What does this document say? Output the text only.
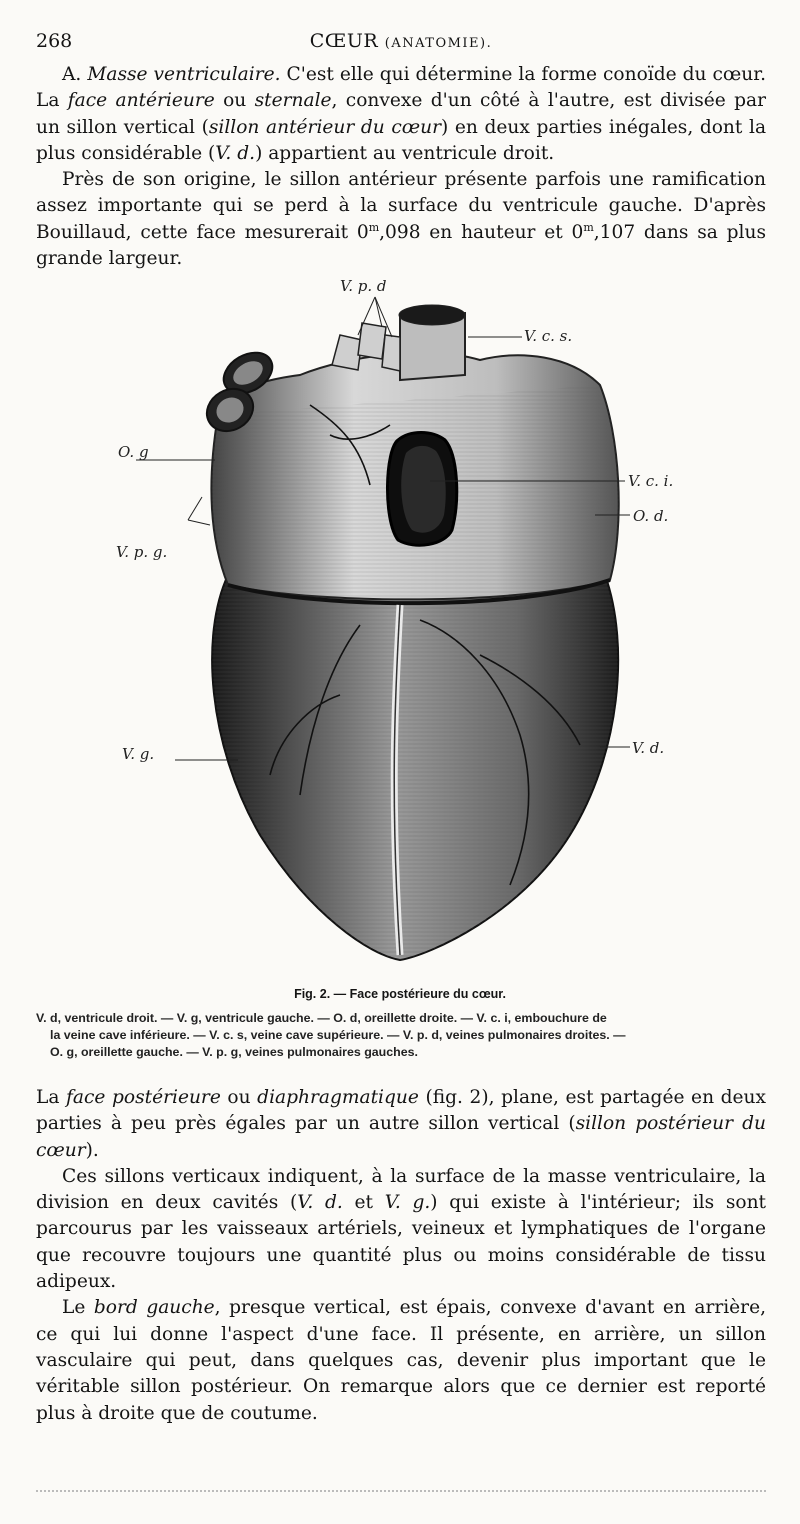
268	CŒUR (ANATOMIE).

A. Masse ventriculaire. C'est elle qui détermine la forme conoïde du cœur. La face antérieure ou sternale, convexe d'un côté à l'autre, est divisée par un sillon vertical (sillon antérieur du cœur) en deux parties inégales, dont la plus considérable (V. d.) appartient au ventricule droit.

Près de son origine, le sillon antérieur présente parfois une ramification assez importante qui se perd à la surface du ventricule gauche. D'après Bouillaud, cette face mesurerait 0$^m$,098 en hauteur et 0$^m$,107 dans sa plus grande largeur.

V. p. d
V. c. s.
O. g
V. c. i.
O. d.
V. p. g.
V. g.	V. d.
Fig. 2. — Face postérieure du cœur.
V. d, ventricule droit. — V. g, ventricule gauche. — O. d, oreillette droite. — V. c. i, embouchure de
la veine cave inférieure. — V. c. s, veine cave supérieure. — V. p. d, veines pulmonaires droites. —
O. g, oreillette gauche. — V. p. g, veines pulmonaires gauches.

La face postérieure ou diaphragmatique (fig. 2), plane, est partagée en deux parties à peu près égales par un autre sillon vertical (sillon postérieur du cœur).

Ces sillons verticaux indiquent, à la surface de la masse ventriculaire, la division en deux cavités (V. d. et V. g.) qui existe à l'intérieur; ils sont parcourus par les vaisseaux artériels, veineux et lymphatiques de l'organe que recouvre toujours une quantité plus ou moins considérable de tissu adipeux.

Le bord gauche, presque vertical, est épais, convexe d'avant en arrière, ce qui lui donne l'aspect d'une face. Il présente, en arrière, un sillon vasculaire qui peut, dans quelques cas, devenir plus important que le véritable sillon postérieur. On remarque alors que ce dernier est reporté plus à droite que de coutume.
